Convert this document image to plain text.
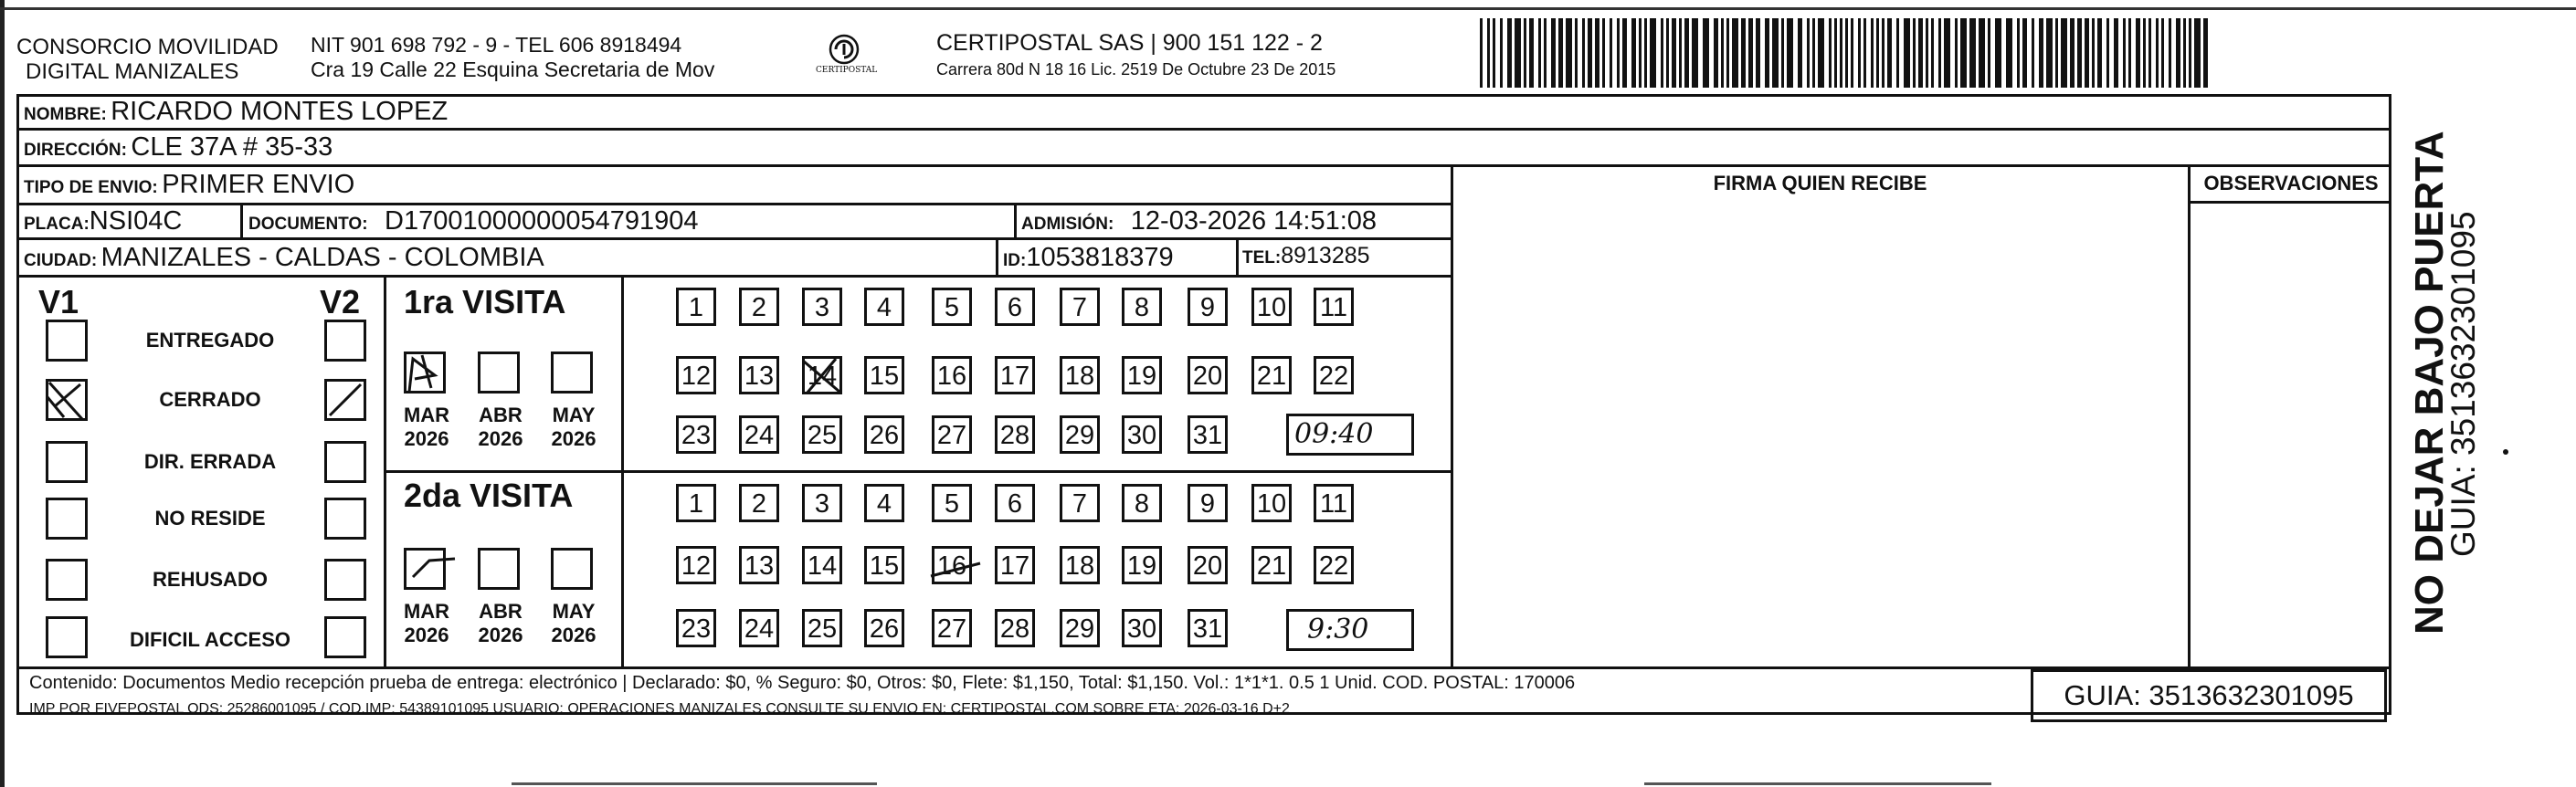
CONSORCIO MOVILIDAD
DIGITAL MANIZALES
NIT 901 698 792 - 9 - TEL 606 8918494
Cra 19 Calle 22 Esquina Secretaria de Mov	CERTIPOSTAL
CERTIPOSTAL SAS | 900 151 122 - 2
Carrera 80d N 18 16 Lic. 2519 De Octubre 23 De 2015
NOMBRE: RICARDO MONTES LOPEZ
DIRECCIÓN: CLE 37A # 35-33
TIPO DE ENVIO: PRIMER ENVIO	FIRMA QUIEN RECIBE	OBSERVACIONES
PLACA:NSI04C	DOCUMENTO: D17001000000054791904	ADMISIÓN: 12-03-2026 14:51:08
CIUDAD: MANIZALES - CALDAS - COLOMBIA	ID:1053818379	TEL:8913285
V1	V2
ENTREGADO
CERRADO
DIR. ERRADA
NO RESIDE
REHUSADO
DIFICIL ACCESO
1ra VISITA
MAR
2026
ABR
2026
MAY
2026
1	2	3	4	5	6	7	8	9	10 11
12 13 14 15 16 17 18 19 20 21 22
23 24 25 26 27 28 29 30 31	09:40
2da VISITA
MAR
2026
ABR
2026
MAY
2026
1	2	3	4	5	6	7	8	9	10 11
12 13 14 15 16 17 18 19 20 21 22
23 24 25 26 27 28 29 30 31	9:30
Contenido: Documentos Medio recepción prueba de entrega: electrónico | Declarado: $0, % Seguro: $0, Otros: $0, Flete: $1,150, Total: $1,150. Vol.: 1*1*1. 0.5 1 Unid. COD. POSTAL: 170006
IMP POR FIVEPOSTAL ODS: 25286001095 / COD.IMP: 54389101095 USUARIO: OPERACIONES MANIZALES CONSULTE SU ENVIO EN: CERTIPOSTAL.COM SOBRE ETA: 2026-03-16 D+2	GUIA: 3513632301095
NO DEJAR BAJO PUERTA
GUIA: 3513632301095
